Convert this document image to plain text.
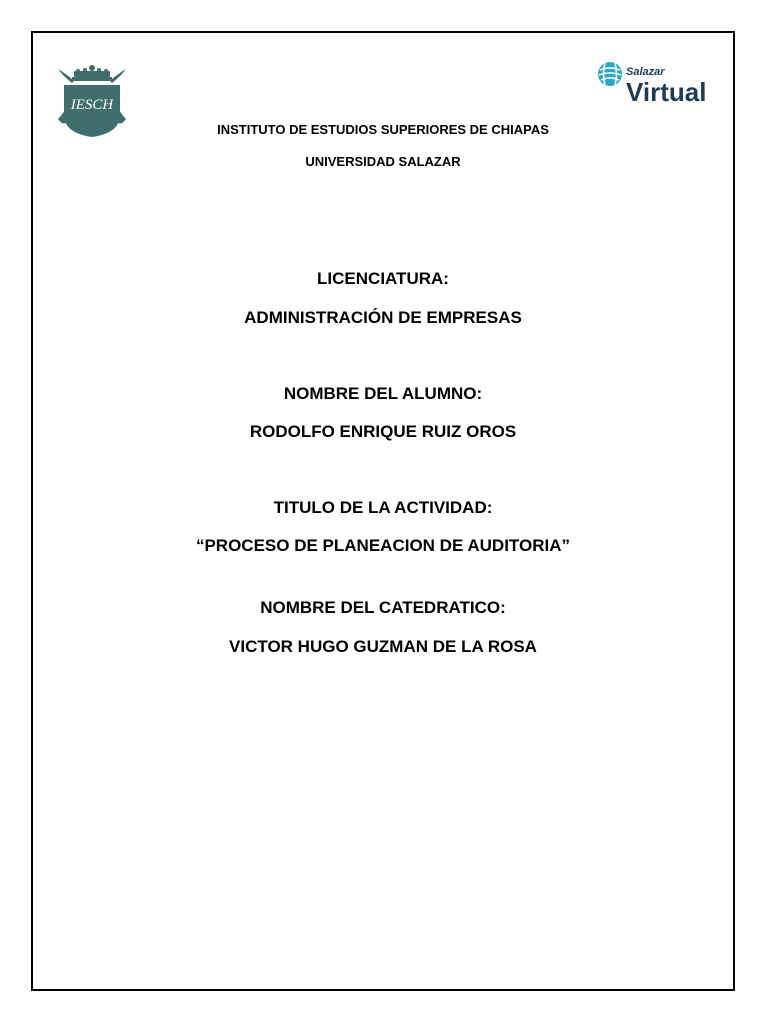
IESCH
Salazar
Virtual
INSTITUTO DE ESTUDIOS SUPERIORES DE CHIAPAS
UNIVERSIDAD SALAZAR
LICENCIATURA:
ADMINISTRACIÓN DE EMPRESAS
NOMBRE DEL ALUMNO:
RODOLFO ENRIQUE RUIZ OROS
TITULO DE LA ACTIVIDAD:
“PROCESO DE PLANEACION DE AUDITORIA”
NOMBRE DEL CATEDRATICO:
VICTOR HUGO GUZMAN DE LA ROSA
